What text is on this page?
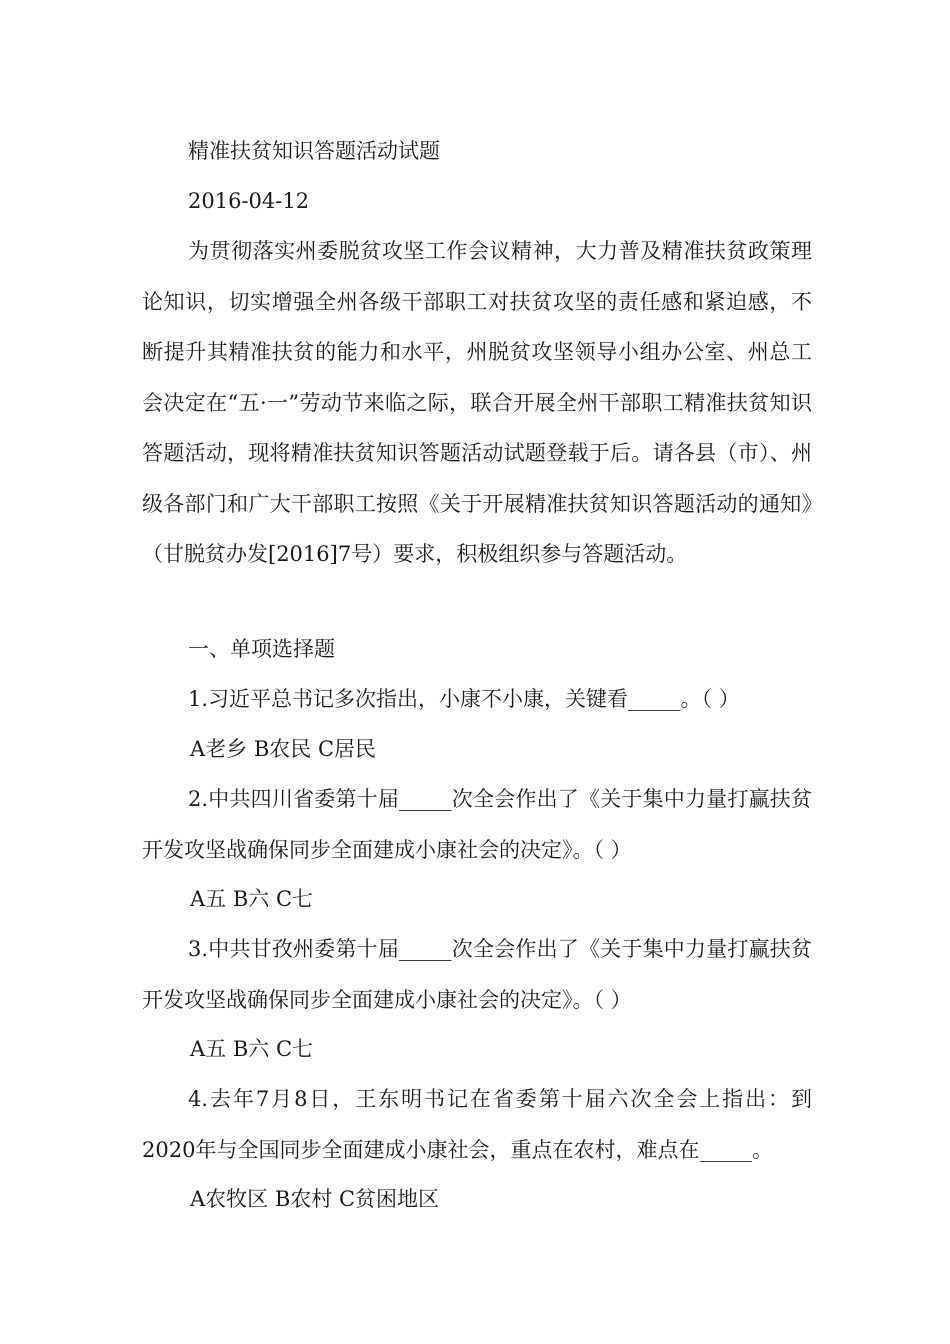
精准扶贫知识答题活动试题

2016-04-12

为贯彻落实州委脱贫攻坚工作会议精神，大力普及精准扶贫政策理论知识，切实增强全州各级干部职工对扶贫攻坚的责任感和紧迫感，不断提升其精准扶贫的能力和水平，州脱贫攻坚领导小组办公室、州总工会决定在“五·一”劳动节来临之际，联合开展全州干部职工精准扶贫知识答题活动，现将精准扶贫知识答题活动试题登载于后。请各县（市）、州级各部门和广大干部职工按照《关于开展精准扶贫知识答题活动的通知》（甘脱贫办发[2016]7号）要求，积极组织参与答题活动。

一、单项选择题

1.习近平总书记多次指出，小康不小康，关键看_____。（ ）

A老乡 B农民 C居民

2.中共四川省委第十届_____次全会作出了《关于集中力量打赢扶贫开发攻坚战确保同步全面建成小康社会的决定》。（ ）

A五 B六 C七

3.中共甘孜州委第十届_____次全会作出了《关于集中力量打赢扶贫开发攻坚战确保同步全面建成小康社会的决定》。（ ）

A五 B六 C七

4.去年7月8日，王东明书记在省委第十届六次全会上指出：到2020年与全国同步全面建成小康社会，重点在农村，难点在_____。

A农牧区 B农村 C贫困地区
